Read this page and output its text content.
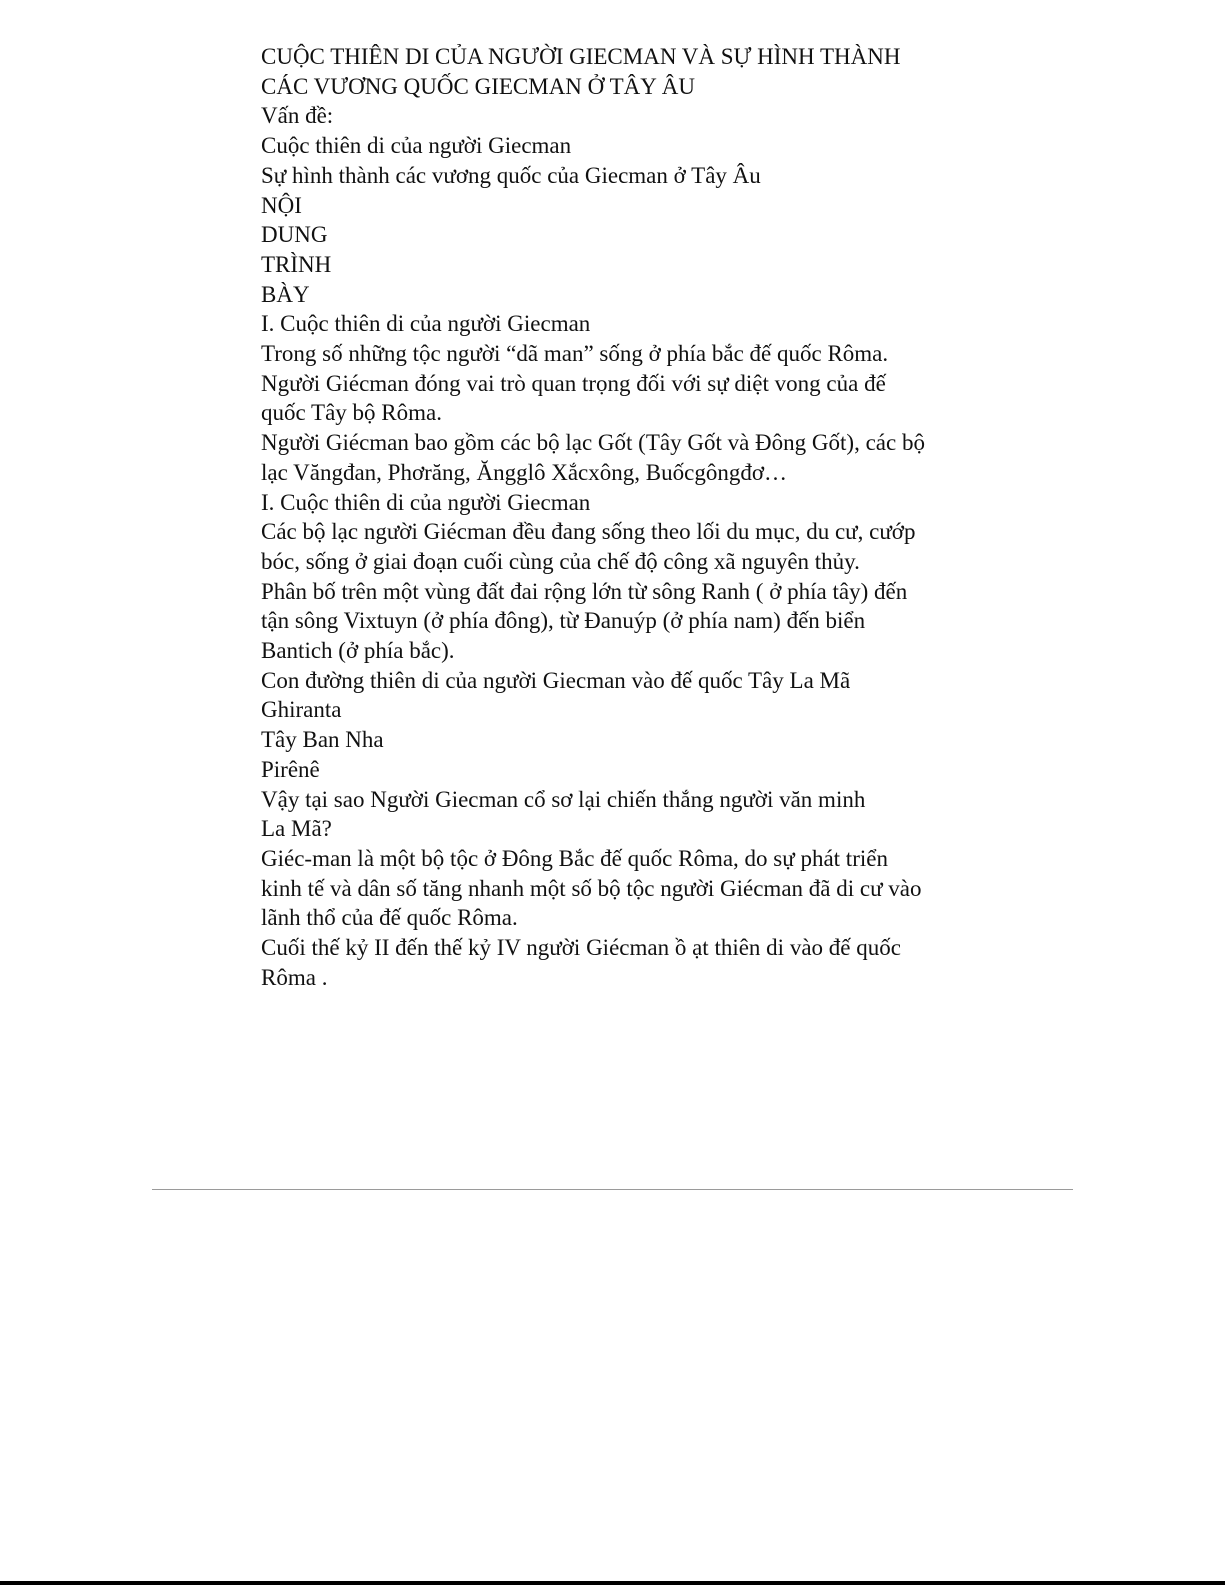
CUỘC THIÊN DI CỦA NGƯỜI GIECMAN VÀ SỰ HÌNH THÀNH
CÁC VƯƠNG QUỐC GIECMAN Ở TÂY ÂU
Vấn đề:
Cuộc thiên di của người Giecman
Sự hình thành các vương quốc của Giecman ở Tây Âu
NỘI
DUNG
TRÌNH
BÀY
I. Cuộc thiên di của người Giecman
Trong số những tộc người “dã man” sống ở phía bắc đế quốc Rôma.
Người Giécman đóng vai trò quan trọng đối với sự diệt vong của đế
quốc Tây bộ Rôma.
Người Giécman bao gồm các bộ lạc Gốt (Tây Gốt và Đông Gốt), các bộ
lạc Văngđan, Phơrăng, Ăngglô Xắcxông, Buốcgôngđơ…
I. Cuộc thiên di của người Giecman
Các bộ lạc người Giécman đều đang sống theo lối du mục, du cư, cướp
bóc, sống ở giai đoạn cuối cùng của chế độ công xã nguyên thủy.
Phân bố trên một vùng đất đai rộng lớn từ sông Ranh ( ở phía tây) đến
tận sông Vixtuyn (ở phía đông), từ Đanuýp (ở phía nam) đến biển
Bantich (ở phía bắc).
Con đường thiên di của người Giecman vào đế quốc Tây La Mã
Ghiranta
Tây Ban Nha
Pirênê
Vậy tại sao Người Giecman cổ sơ lại chiến thắng người văn minh
La Mã?
Giéc-man là một bộ tộc ở Đông Bắc đế quốc Rôma, do sự phát triển
kinh tế và dân số tăng nhanh một số bộ tộc người Giécman đã di cư vào
lãnh thổ của đế quốc Rôma.
Cuối thế kỷ II đến thế kỷ IV người Giécman ồ ạt thiên di vào đế quốc
Rôma .
